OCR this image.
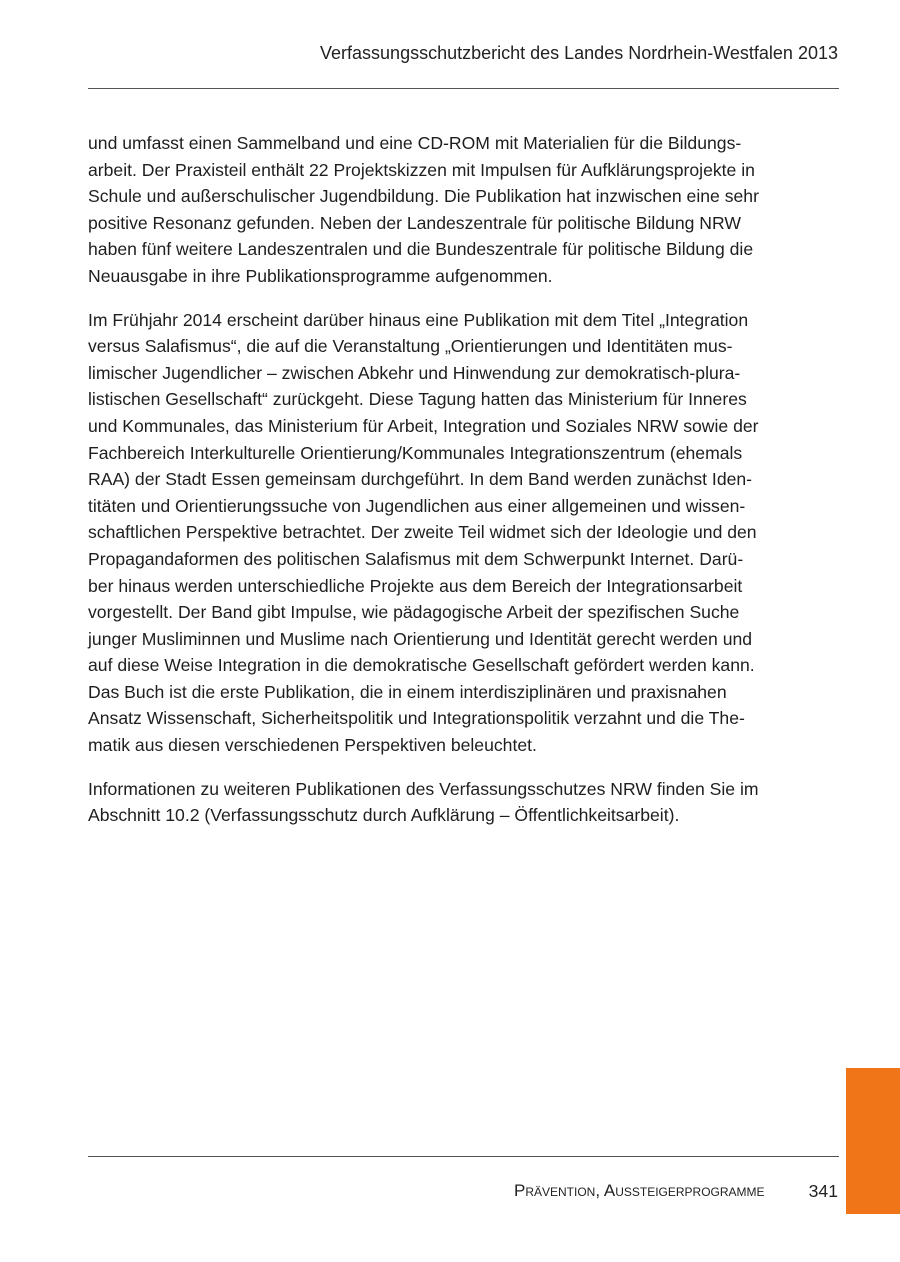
Verfassungsschutzbericht des Landes Nordrhein-Westfalen 2013

und umfasst einen Sammelband und eine CD-ROM mit Materialien für die Bildungs-
arbeit. Der Praxisteil enthält 22 Projektskizzen mit Impulsen für Aufklärungsprojekte in
Schule und außerschulischer Jugendbildung. Die Publikation hat inzwischen eine sehr
positive Resonanz gefunden. Neben der Landeszentrale für politische Bildung NRW
haben fünf weitere Landeszentralen und die Bundeszentrale für politische Bildung die
Neuausgabe in ihre Publikationsprogramme aufgenommen.

Im Frühjahr 2014 erscheint darüber hinaus eine Publikation mit dem Titel „Integration
versus Salafismus“, die auf die Veranstaltung „Orientierungen und Identitäten mus-
limischer Jugendlicher – zwischen Abkehr und Hinwendung zur demokratisch-plura-
listischen Gesellschaft“ zurückgeht. Diese Tagung hatten das Ministerium für Inneres
und Kommunales, das Ministerium für Arbeit, Integration und Soziales NRW sowie der
Fachbereich Interkulturelle Orientierung/Kommunales Integrationszentrum (ehemals
RAA) der Stadt Essen gemeinsam durchgeführt. In dem Band werden zunächst Iden-
titäten und Orientierungssuche von Jugendlichen aus einer allgemeinen und wissen-
schaftlichen Perspektive betrachtet. Der zweite Teil widmet sich der Ideologie und den
Propagandaformen des politischen Salafismus mit dem Schwerpunkt Internet. Darü-
ber hinaus werden unterschiedliche Projekte aus dem Bereich der Integrationsarbeit
vorgestellt. Der Band gibt Impulse, wie pädagogische Arbeit der spezifischen Suche
junger Musliminnen und Muslime nach Orientierung und Identität gerecht werden und
auf diese Weise Integration in die demokratische Gesellschaft gefördert werden kann.
Das Buch ist die erste Publikation, die in einem interdisziplinären und praxisnahen
Ansatz Wissenschaft, Sicherheitspolitik und Integrationspolitik verzahnt und die The-
matik aus diesen verschiedenen Perspektiven beleuchtet.

Informationen zu weiteren Publikationen des Verfassungsschutzes NRW finden Sie im
Abschnitt 10.2 (Verfassungsschutz durch Aufklärung – Öffentlichkeitsarbeit).

Prävention, Aussteigerprogramme	341
